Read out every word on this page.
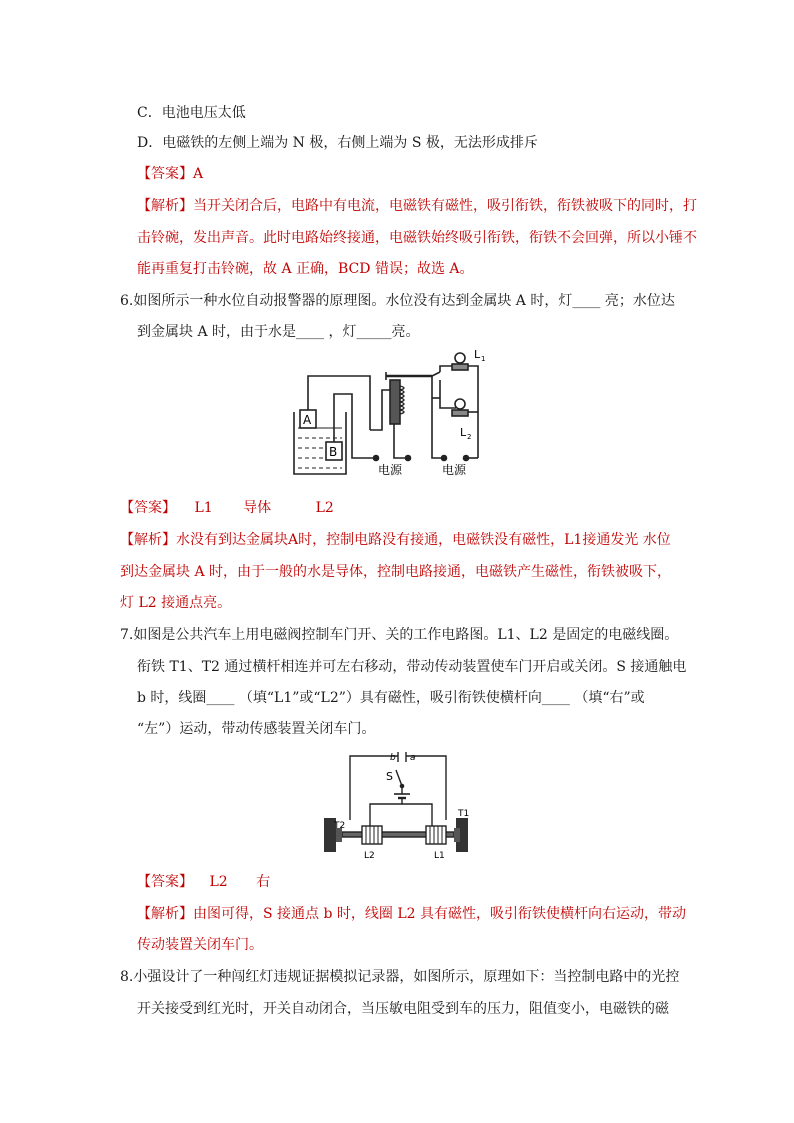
C．电池电压太低
D．电磁铁的左侧上端为 N 极，右侧上端为 S 极，无法形成排斥
【答案】A
【解析】当开关闭合后，电路中有电流，电磁铁有磁性，吸引衔铁，衔铁被吸下的同时，打
击铃碗，发出声音。此时电路始终接通，电磁铁始终吸引衔铁，衔铁不会回弹，所以小锤不
能再重复打击铃碗，故 A 正确，BCD 错误；故选 A。
6.如图所示一种水位自动报警器的原理图。水位没有达到金属块 A 时，灯____ 亮；水位达
到金属块 A 时，由于水是____ ，灯_____亮。
A
B
L 1
L 2
电源	电源
【答案】 L1 导体	L2
【解析】水没有到达金属块A时，控制电路没有接通，电磁铁没有磁性，L1接通发光 水位
到达金属块 A 时，由于一般的水是导体，控制电路接通，电磁铁产生磁性，衔铁被吸下，
灯 L2 接通点亮。
7.如图是公共汽车上用电磁阀控制车门开、关的工作电路图。L1、L2 是固定的电磁线圈。
衔铁 T1、T2 通过横杆相连并可左右移动，带动传动装置使车门开启或关闭。S 接通触电
b 时，线圈____ （填“L1”或“L2”）具有磁性，吸引衔铁使横杆向____ （填“右”或
“左”）运动，带动传感装置关闭车门。
b a
S
T2
T1
L2	L1
【答案】 L2 右
【解析】由图可得，S 接通点 b 时，线圈 L2 具有磁性，吸引衔铁使横杆向右运动，带动
传动装置关闭车门。
8.小强设计了一种闯红灯违规证据模拟记录器，如图所示，原理如下：当控制电路中的光控
开关接受到红光时，开关自动闭合，当压敏电阻受到车的压力，阻值变小，电磁铁的磁
